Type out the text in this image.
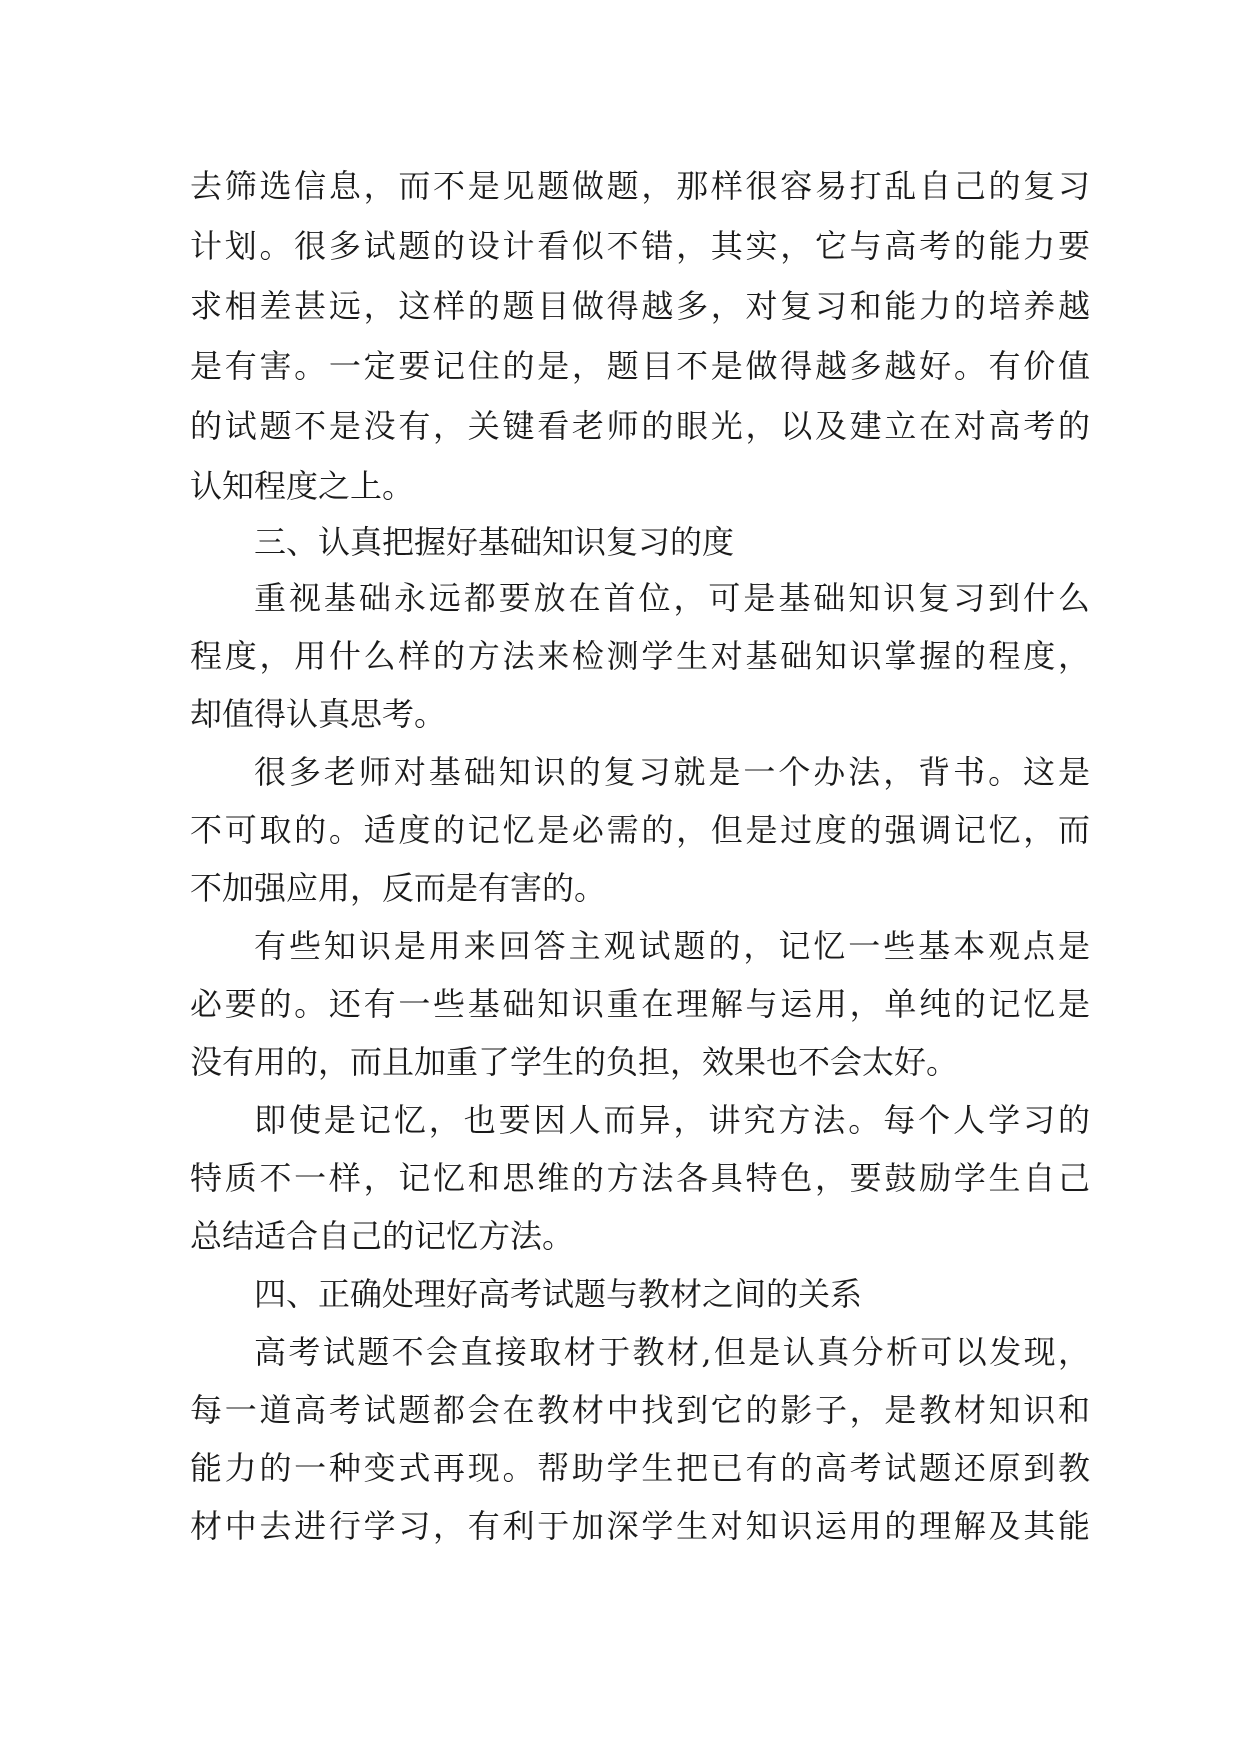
去筛选信息，而不是见题做题，那样很容易打乱自己的复习

计划。很多试题的设计看似不错，其实，它与高考的能力要

求相差甚远，这样的题目做得越多，对复习和能力的培养越

是有害。一定要记住的是，题目不是做得越多越好。有价值

的试题不是没有，关键看老师的眼光，以及建立在对高考的

认知程度之上。

三、认真把握好基础知识复习的度

重视基础永远都要放在首位，可是基础知识复习到什么

程度，用什么样的方法来检测学生对基础知识掌握的程度，

却值得认真思考。

很多老师对基础知识的复习就是一个办法，背书。这是

不可取的。适度的记忆是必需的，但是过度的强调记忆，而

不加强应用，反而是有害的。

有些知识是用来回答主观试题的，记忆一些基本观点是

必要的。还有一些基础知识重在理解与运用，单纯的记忆是

没有用的，而且加重了学生的负担，效果也不会太好。

即使是记忆，也要因人而异，讲究方法。每个人学习的

特质不一样，记忆和思维的方法各具特色，要鼓励学生自己

总结适合自己的记忆方法。

四、正确处理好高考试题与教材之间的关系

高考试题不会直接取材于教材,但是认真分析可以发现，

每一道高考试题都会在教材中找到它的影子，是教材知识和

能力的一种变式再现。帮助学生把已有的高考试题还原到教

材中去进行学习，有利于加深学生对知识运用的理解及其能
